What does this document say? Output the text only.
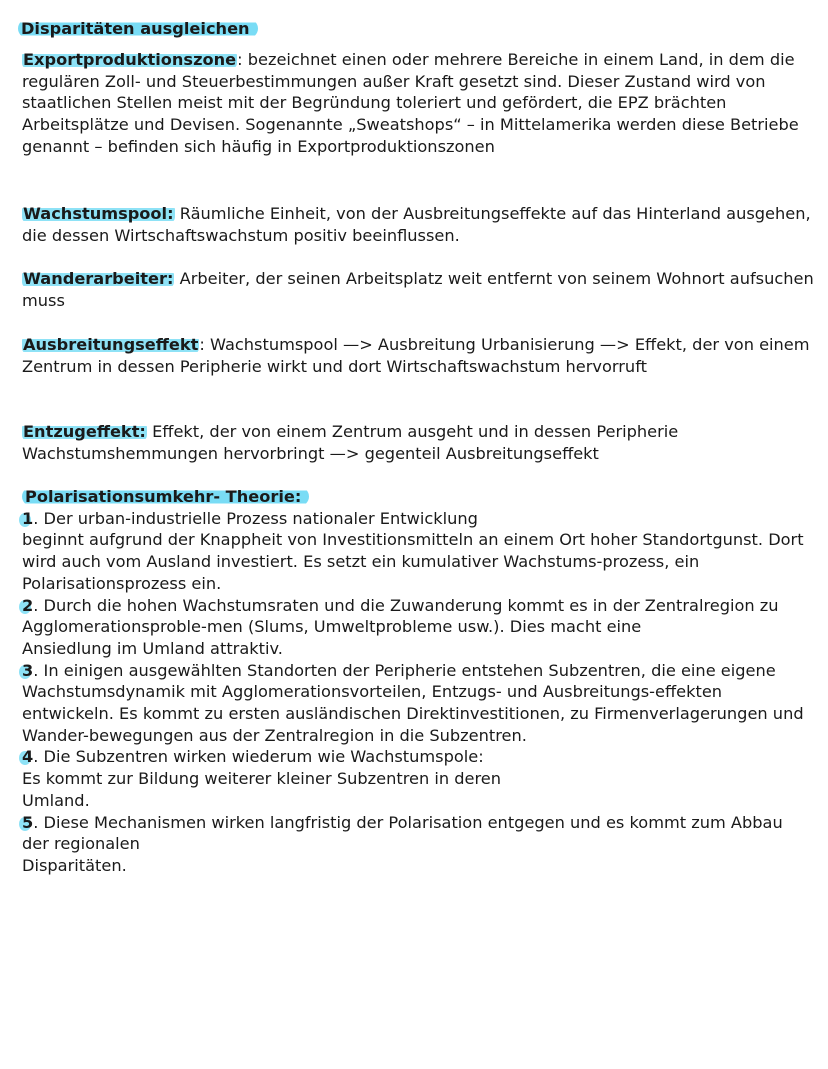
Disparitäten ausgleichen

Exportproduktionszone: bezeichnet einen oder mehrere Bereiche in einem Land, in dem die regulären Zoll- und Steuerbestimmungen außer Kraft gesetzt sind. Dieser Zustand wird von staatlichen Stellen meist mit der Begründung toleriert und gefördert, die EPZ brächten Arbeitsplätze und Devisen. Sogenannte „Sweatshops“ – in Mittelamerika werden diese Betriebe genannt – befinden sich häufig in Exportproduktionszonen

Wachstumspool: Räumliche Einheit, von der Ausbreitungseffekte auf das Hinterland ausgehen, die dessen Wirtschaftswachstum positiv beeinflussen.

Wanderarbeiter: Arbeiter, der seinen Arbeitsplatz weit entfernt von seinem Wohnort aufsuchen muss

Ausbreitungseffekt: Wachstumspool —> Ausbreitung Urbanisierung —> Effekt, der von einem Zentrum in dessen Peripherie wirkt und dort Wirtschaftswachstum hervorruft

Entzugeffekt: Effekt, der von einem Zentrum ausgeht und in dessen Peripherie Wachstumshemmungen hervorbringt —> gegenteil Ausbreitungseffekt

Polarisationsumkehr- Theorie:

1. Der urban-industrielle Prozess nationaler Entwicklung

beginnt aufgrund der Knappheit von Investitionsmitteln an einem Ort hoher Standortgunst. Dort wird auch vom Ausland investiert. Es setzt ein kumulativer Wachstums-prozess, ein Polarisationsprozess ein.

2. Durch die hohen Wachstumsraten und die Zuwanderung kommt es in der Zentralregion zu Agglomerationsproble-men (Slums, Umweltprobleme usw.). Dies macht eine

Ansiedlung im Umland attraktiv.

3. In einigen ausgewählten Standorten der Peripherie entstehen Subzentren, die eine eigene Wachstumsdynamik mit Agglomerationsvorteilen, Entzugs- und Ausbreitungs-effekten entwickeln. Es kommt zu ersten ausländischen Direktinvestitionen, zu Firmenverlagerungen und Wander-bewegungen aus der Zentralregion in die Subzentren.

4. Die Subzentren wirken wiederum wie Wachstumspole:

Es kommt zur Bildung weiterer kleiner Subzentren in deren

Umland.

5. Diese Mechanismen wirken langfristig der Polarisation entgegen und es kommt zum Abbau der regionalen

Disparitäten.
